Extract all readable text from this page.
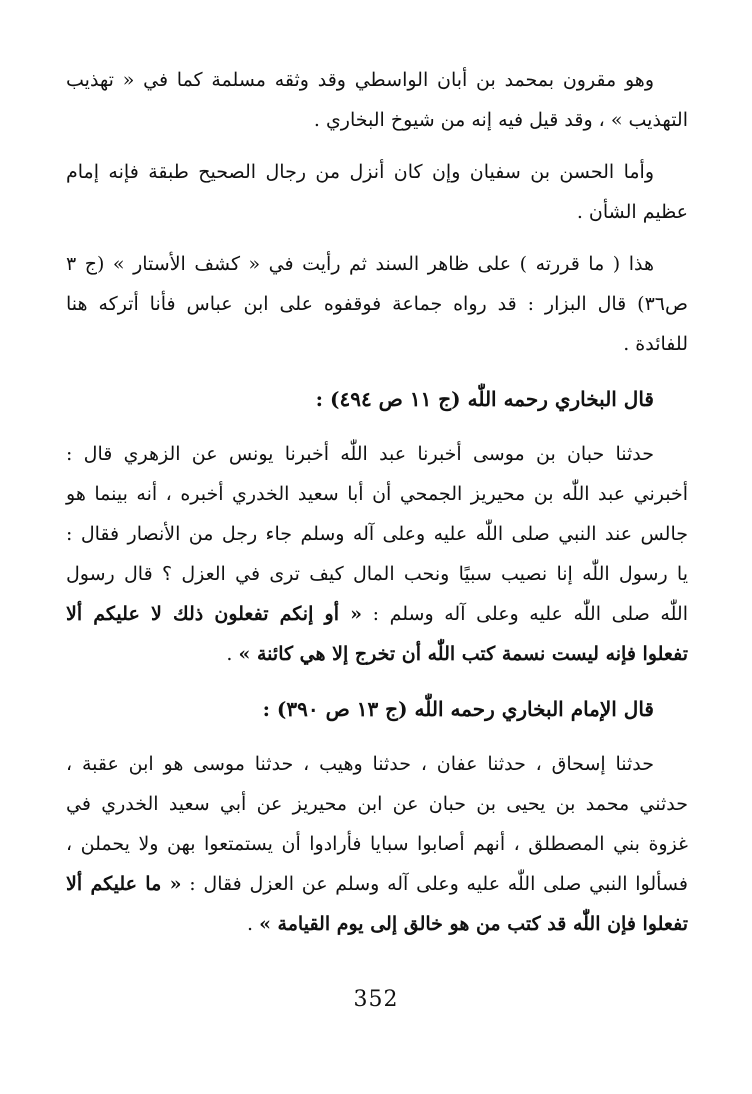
وهو مقرون بمحمد بن أبان الواسطي وقد وثقه مسلمة كما في « تهذيب
التهذيب » ، وقد قيل فيه إنه من شيوخ البخاري .
وأما الحسن بن سفيان وإن كان أنزل من رجال الصحيح طبقة فإنه إمام
عظيم الشأن .
هذا ( ما قررته ) على ظاهر السند ثم رأيت في « كشف الأستار » (ج ٣
ص٣٦) قال البزار : قد رواه جماعة فوقفوه على ابن عباس فأنا أتركه هنا
للفائدة .
قال البخاري رحمه اللّٰه (ج ١١ ص ٤٩٤) :
حدثنا حبان بن موسى أخبرنا عبد اللّٰه أخبرنا يونس عن الزهري قال :
أخبرني عبد اللّٰه بن محيريز الجمحي أن أبا سعيد الخدري أخبره ، أنه بينما هو
جالس عند النبي صلى اللّٰه عليه وعلى آله وسلم جاء رجل من الأنصار فقال :
يا رسول اللّٰه إنا نصيب سبيًا ونحب المال كيف ترى في العزل ؟ قال رسول
اللّٰه صلى اللّٰه عليه وعلى آله وسلم : « أو إنكم تفعلون ذلك لا عليكم ألا
تفعلوا فإنه ليست نسمة كتب اللّٰه أن تخرج إلا هي كائنة » .
قال الإمام البخاري رحمه اللّٰه (ج ١٣ ص ٣٩٠) :
حدثنا إسحاق ، حدثنا عفان ، حدثنا وهيب ، حدثنا موسى هو ابن عقبة ،
حدثني محمد بن يحيى بن حبان عن ابن محيريز عن أبي سعيد الخدري في
غزوة بني المصطلق ، أنهم أصابوا سبايا فأرادوا أن يستمتعوا بهن ولا يحملن ،
فسألوا النبي صلى اللّٰه عليه وعلى آله وسلم عن العزل فقال : « ما عليكم ألا
تفعلوا فإن اللّٰه قد كتب من هو خالق إلى يوم القيامة » .
352
